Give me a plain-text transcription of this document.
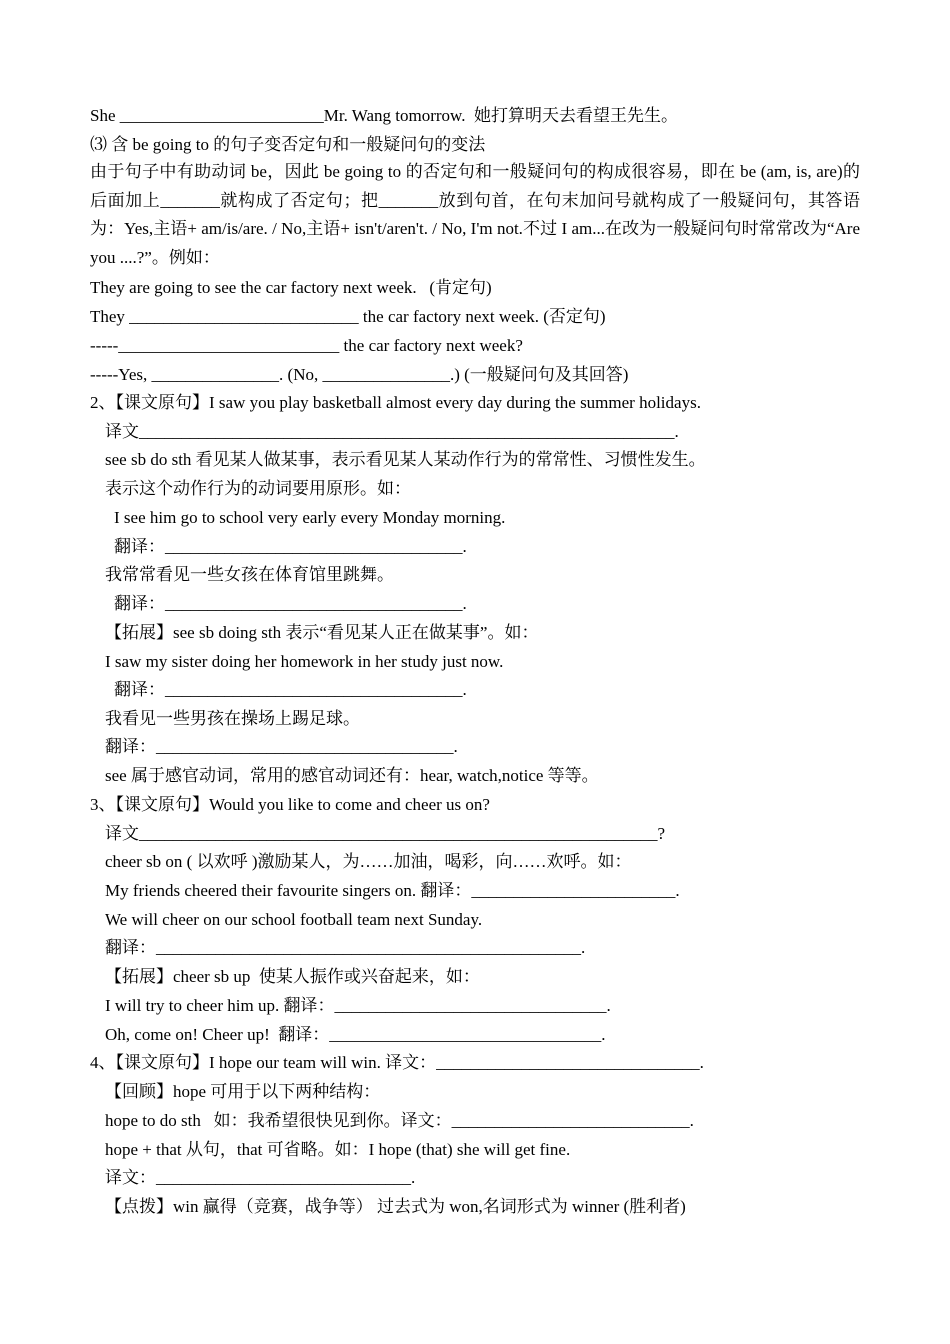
She ________________________Mr. Wang tomorrow.  她打算明天去看望王先生。
⑶ 含 be going to 的句子变否定句和一般疑问句的变法
由于句子中有助动词 be，因此 be going to 的否定句和一般疑问句的构成很容易，即在 be (am, is, are)的后面加上_______就构成了否定句；把_______放到句首，在句末加问号就构成了一般疑问句，其答语为：Yes,主语+ am/is/are. / No,主语+ isn't/aren't. / No, I'm not.不过 I am...在改为一般疑问句时常常改为“Are you ....?”。例如：
They are going to see the car factory next week.   (肯定句)
They ___________________________ the car factory next week. (否定句)
-----__________________________ the car factory next week?
-----Yes, _______________. (No, _______________.) (一般疑问句及其回答)
2、【课文原句】I saw you play basketball almost every day during the summer holidays.
译文_______________________________________________________________.
see sb do sth 看见某人做某事，表示看见某人某动作行为的常常性、习惯性发生。
表示这个动作行为的动词要用原形。如：
I see him go to school very early every Monday morning.
翻译：___________________________________.
我常常看见一些女孩在体育馆里跳舞。
翻译：___________________________________.
【拓展】see sb doing sth 表示“看见某人正在做某事”。如：
I saw my sister doing her homework in her study just now.
翻译：___________________________________.
我看见一些男孩在操场上踢足球。
翻译：___________________________________.
see 属于感官动词，常用的感官动词还有：hear, watch,notice 等等。
3、【课文原句】Would you like to come and cheer us on?
译文_____________________________________________________________?
cheer sb on ( 以欢呼 )激励某人，为……加油，喝彩，向……欢呼。如：
My friends cheered their favourite singers on. 翻译：________________________.
We will cheer on our school football team next Sunday.
翻译：__________________________________________________.
【拓展】cheer sb up  使某人振作或兴奋起来，如：
I will try to cheer him up. 翻译：________________________________.
Oh, come on! Cheer up!  翻译：________________________________.
4、【课文原句】I hope our team will win. 译文：_______________________________.
【回顾】hope 可用于以下两种结构：
hope to do sth   如：我希望很快见到你。译文：____________________________.
hope + that 从句，that 可省略。如：I hope (that) she will get fine.
译文：______________________________.
【点拨】win 赢得（竞赛，战争等） 过去式为 won,名词形式为 winner (胜利者)
